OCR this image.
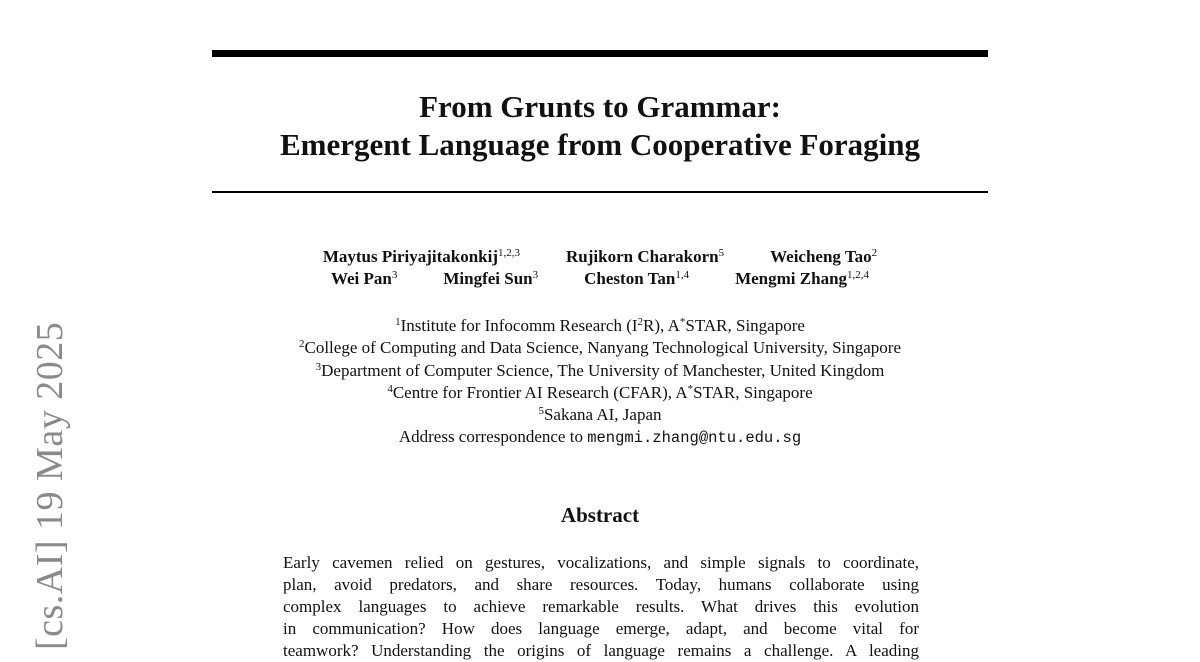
[cs.AI] 19 May 2025
From Grunts to Grammar:
Emergent Language from Cooperative Foraging
Maytus Piriyajitakonkij$^{1,2,3}$	Rujikorn Charakorn$^5$	Weicheng Tao$^2$
Wei Pan$^3$	Mingfei Sun$^3$	Cheston Tan$^{1,4}$	Mengmi Zhang$^{1,2,4}$
$^1$Institute for Infocomm Research $(I^2R)$, A*STAR, Singapore
$^2$College of Computing and Data Science, Nanyang Technological University, Singapore
$^3$Department of Computer Science, The University of Manchester, United Kingdom
$^4$Centre for Frontier AI Research (CFAR), A*STAR, Singapore
$^5$Sakana AI, Japan
Address correspondence to mengmi.zhang@ntu.edu.sg
Abstract
Early cavemen relied on gestures, vocalizations, and simple signals to coordinate,
plan, avoid predators, and share resources. Today, humans collaborate using
complex languages to achieve remarkable results. What drives this evolution
in communication? How does language emerge, adapt, and become vital for
teamwork? Understanding the origins of language remains a challenge. A leading
